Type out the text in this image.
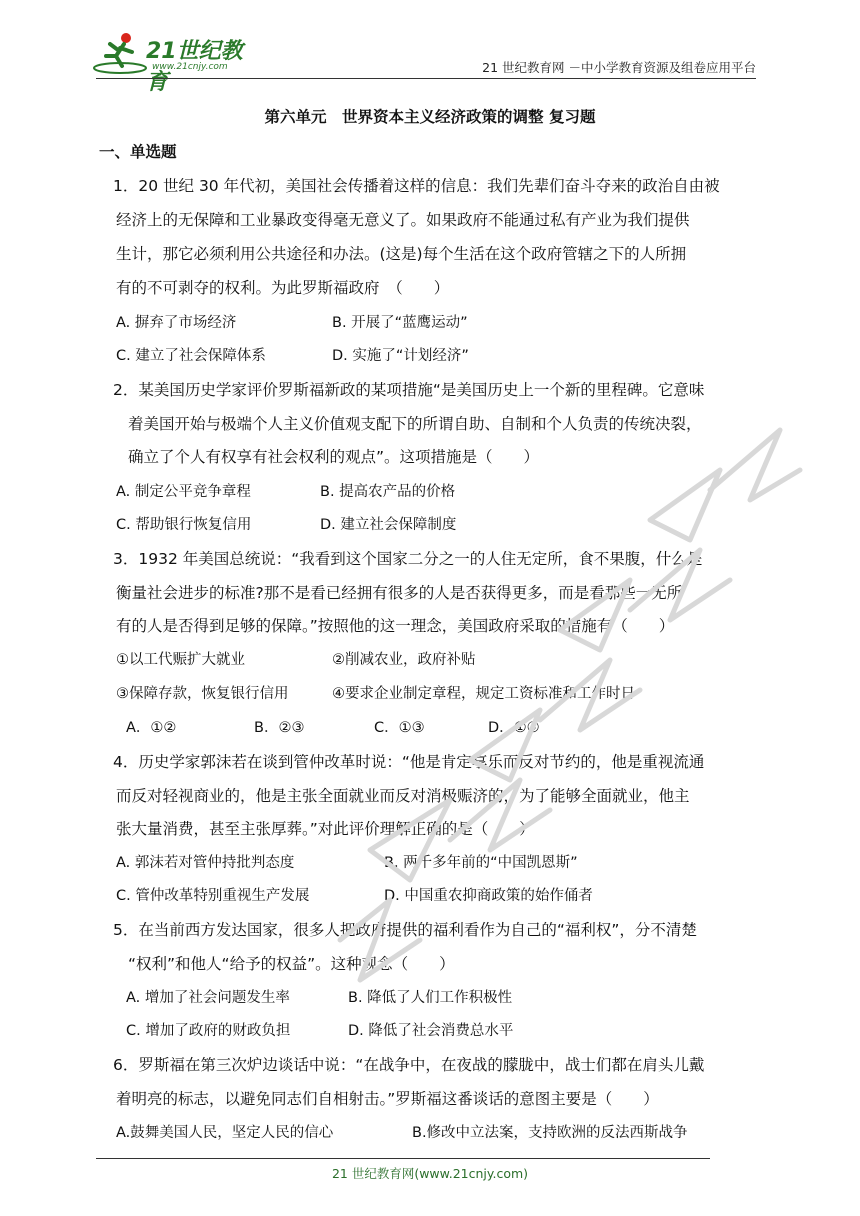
21世纪教育
www.21cnjy.com	21 世纪教育网 －中小学教育资源及组卷应用平台
第六单元　世界资本主义经济政策的调整 复习题
一、单选题
1．20 世纪 30 年代初，美国社会传播着这样的信息：我们先辈们奋斗夺来的政治自由被
经济上的无保障和工业暴政变得毫无意义了。如果政府不能通过私有产业为我们提供
生计，那它必须利用公共途径和办法。(这是)每个生活在这个政府管辖之下的人所拥
有的不可剥夺的权利。为此罗斯福政府　（　　）
A. 摒弃了市场经济	B. 开展了“蓝鹰运动”
C. 建立了社会保障体系	D. 实施了“计划经济”
2．某美国历史学家评价罗斯福新政的某项措施“是美国历史上一个新的里程碑。它意味
着美国开始与极端个人主义价值观支配下的所谓自助、自制和个人负责的传统决裂，
确立了个人有权享有社会权利的观点”。这项措施是（　　）
A. 制定公平竞争章程	B. 提高农产品的价格
C. 帮助银行恢复信用	D. 建立社会保障制度
3．1932 年美国总统说：“我看到这个国家二分之一的人住无定所，食不果腹，什么是
衡量社会进步的标准?那不是看已经拥有很多的人是否获得更多，而是看那些一无所
有的人是否得到足够的保障。”按照他的这一理念，美国政府采取的措施有（　　）
①以工代赈扩大就业	②削减农业，政府补贴
③保障存款，恢复银行信用	④要求企业制定章程，规定工资标准和工作时日
A．①②	B．②③	C．①③	D．①④
4．历史学家郭沫若在谈到管仲改革时说：“他是肯定享乐而反对节约的，他是重视流通
而反对轻视商业的，他是主张全面就业而反对消极赈济的，为了能够全面就业，他主
张大量消费，甚至主张厚葬。”对此评价理解正确的是（　　）
A. 郭沫若对管仲持批判态度	B. 两千多年前的“中国凯恩斯”
C. 管仲改革特别重视生产发展	D. 中国重农抑商政策的始作俑者
5．在当前西方发达国家，很多人把政府提供的福利看作为自己的“福利权”，分不清楚
“权利”和他人“给予的权益”。这种观念（　　）
A. 增加了社会问题发生率	B. 降低了人们工作积极性
C. 增加了政府的财政负担	D. 降低了社会消费总水平
6．罗斯福在第三次炉边谈话中说：“在战争中，在夜战的朦胧中，战士们都在肩头儿戴
着明亮的标志，以避免同志们自相射击。”罗斯福这番谈话的意图主要是（　　）
A.鼓舞美国人民，坚定人民的信心	B.修改中立法案，支持欧洲的反法西斯战争
21 世纪教育网(www.21cnjy.com)
